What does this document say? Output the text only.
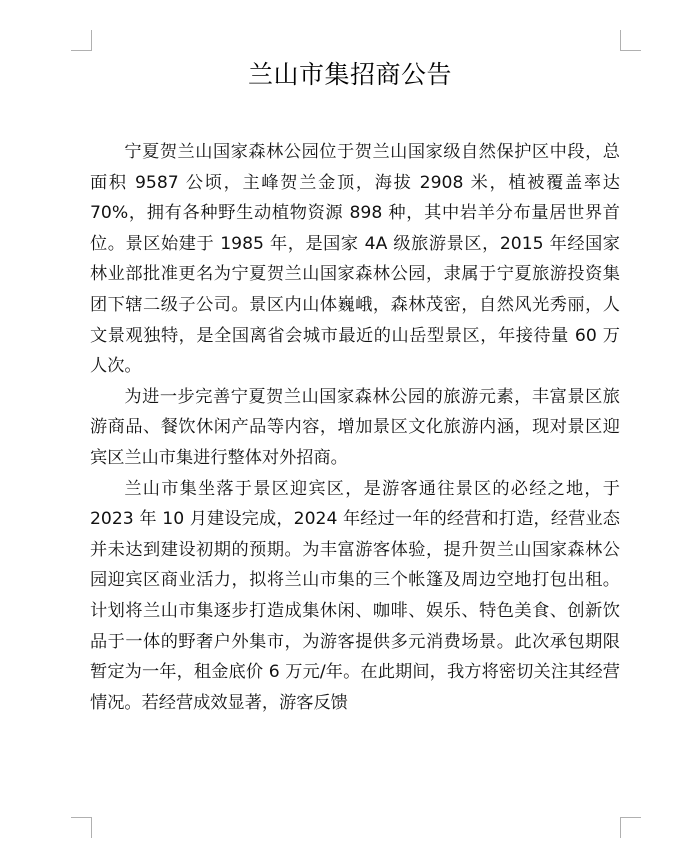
兰山市集招商公告

宁夏贺兰山国家森林公园位于贺兰山国家级自然保护区中段，总面积 9587 公顷，主峰贺兰金顶，海拔 2908 米，植被覆盖率达 70%，拥有各种野生动植物资源 898 种，其中岩羊分布量居世界首位。景区始建于 1985 年，是国家 4A 级旅游景区，2015 年经国家林业部批准更名为宁夏贺兰山国家森林公园，隶属于宁夏旅游投资集团下辖二级子公司。景区内山体巍峨，森林茂密，自然风光秀丽，人文景观独特，是全国离省会城市最近的山岳型景区，年接待量 60 万人次。

为进一步完善宁夏贺兰山国家森林公园的旅游元素，丰富景区旅游商品、餐饮休闲产品等内容，增加景区文化旅游内涵，现对景区迎宾区兰山市集进行整体对外招商。

兰山市集坐落于景区迎宾区，是游客通往景区的必经之地，于 2023 年 10 月建设完成，2024 年经过一年的经营和打造，经营业态并未达到建设初期的预期。为丰富游客体验，提升贺兰山国家森林公园迎宾区商业活力，拟将兰山市集的三个帐篷及周边空地打包出租。计划将兰山市集逐步打造成集休闲、咖啡、娱乐、特色美食、创新饮品于一体的野奢户外集市，为游客提供多元消费场景。此次承包期限暂定为一年，租金底价 6 万元/年。在此期间，我方将密切关注其经营情况。若经营成效显著，游客反馈
